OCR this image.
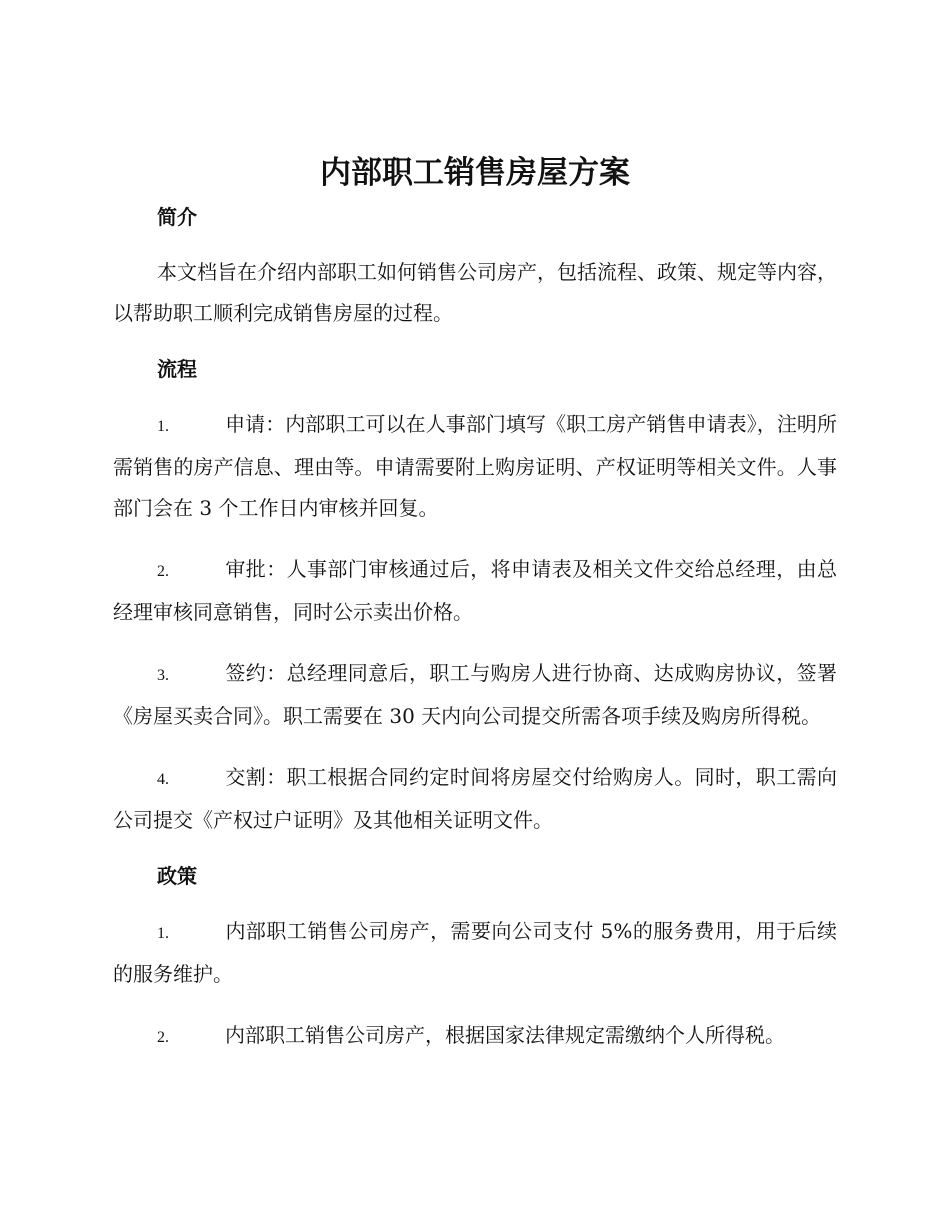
内部职工销售房屋方案
简介

本文档旨在介绍内部职工如何销售公司房产，包括流程、政策、规定等内容，以帮助职工顺利完成销售房屋的过程。

流程

1.	申请：内部职工可以在人事部门填写《职工房产销售申请表》，注明所需销售的房产信息、理由等。申请需要附上购房证明、产权证明等相关文件。人事部门会在 3 个工作日内审核并回复。

2.	审批：人事部门审核通过后，将申请表及相关文件交给总经理，由总经理审核同意销售，同时公示卖出价格。

3.	签约：总经理同意后，职工与购房人进行协商、达成购房协议，签署《房屋买卖合同》。职工需要在 30 天内向公司提交所需各项手续及购房所得税。

4.	交割：职工根据合同约定时间将房屋交付给购房人。同时，职工需向公司提交《产权过户证明》及其他相关证明文件。

政策

1.	内部职工销售公司房产，需要向公司支付 5%的服务费用，用于后续的服务维护。

2.	内部职工销售公司房产，根据国家法律规定需缴纳个人所得税。
